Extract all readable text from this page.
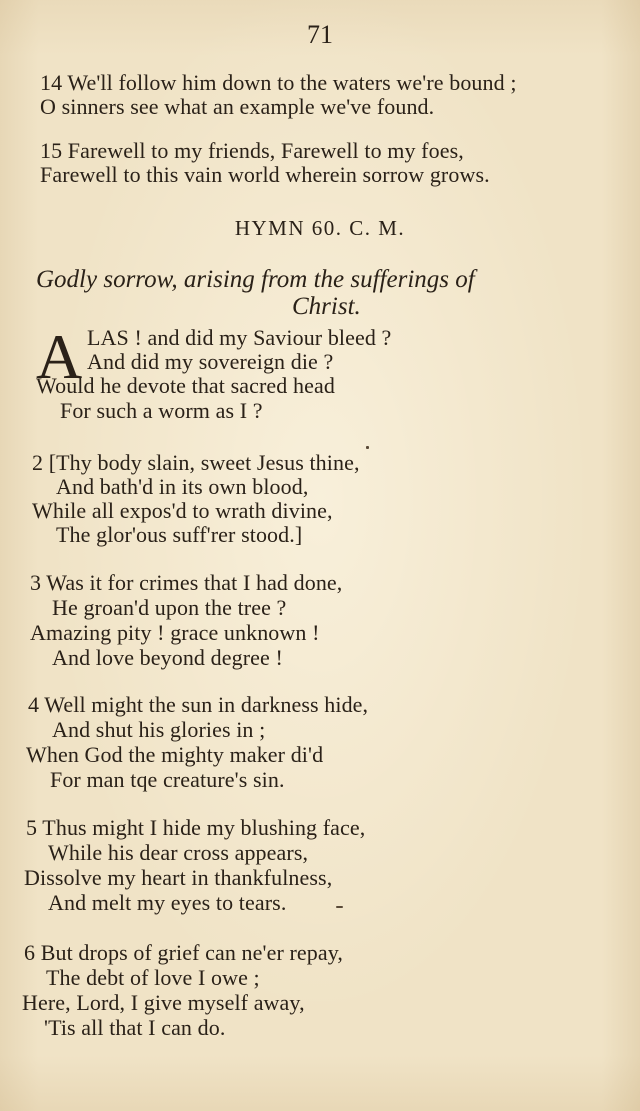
71
14 We'll follow him down to the waters we're bound ;
O sinners see what an example we've found.
15 Farewell to my friends, Farewell to my foes,
Farewell to this vain world wherein sorrow grows.
HYMN 60. C. M.
Godly sorrow, arising from the sufferings of
Christ.
A LAS ! and did my Saviour bleed ?
And did my sovereign die ?
Would he devote that sacred head
For such a worm as I ?
2 [Thy body slain, sweet Jesus thine,
And bath'd in its own blood,
While all expos'd to wrath divine,
The glor'ous suff'rer stood.]
3 Was it for crimes that I had done,
He groan'd upon the tree ?
Amazing pity ! grace unknown !
And love beyond degree !
4 Well might the sun in darkness hide,
And shut his glories in ;
When God the mighty maker di'd
For man tqe creature's sin.
5 Thus might I hide my blushing face,
While his dear cross appears,
Dissolve my heart in thankfulness,
And melt my eyes to tears.
6 But drops of grief can ne'er repay,
The debt of love I owe ;
Here, Lord, I give myself away,
'Tis all that I can do.
